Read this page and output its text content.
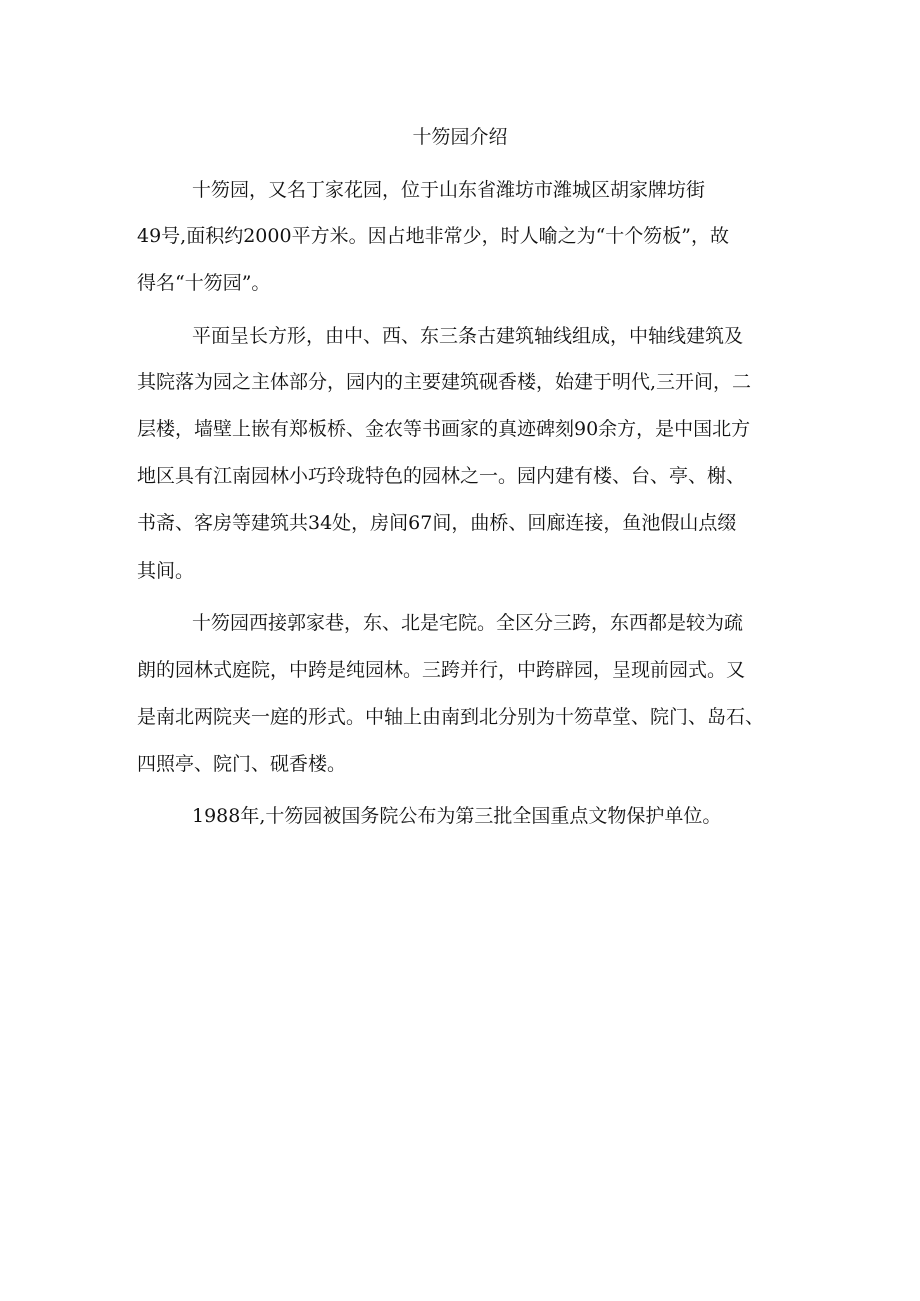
十笏园介绍
十笏园，又名丁家花园，位于山东省潍坊市潍城区胡家牌坊街
49号,面积约2000平方米。因占地非常少，时人喻之为“十个笏板”，故
得名“十笏园”。
平面呈长方形，由中、西、东三条古建筑轴线组成，中轴线建筑及
其院落为园之主体部分，园内的主要建筑砚香楼，始建于明代,三开间，二
层楼，墙壁上嵌有郑板桥、金农等书画家的真迹碑刻90余方，是中国北方
地区具有江南园林小巧玲珑特色的园林之一。园内建有楼、台、亭、榭、
书斋、客房等建筑共34处，房间67间，曲桥、回廊连接，鱼池假山点缀
其间。
十笏园西接郭家巷，东、北是宅院。全区分三跨，东西都是较为疏
朗的园林式庭院，中跨是纯园林。三跨并行，中跨辟园，呈现前园式。又
是南北两院夹一庭的形式。中轴上由南到北分别为十笏草堂、院门、岛石、
四照亭、院门、砚香楼。
1988年,十笏园被国务院公布为第三批全国重点文物保护单位。
